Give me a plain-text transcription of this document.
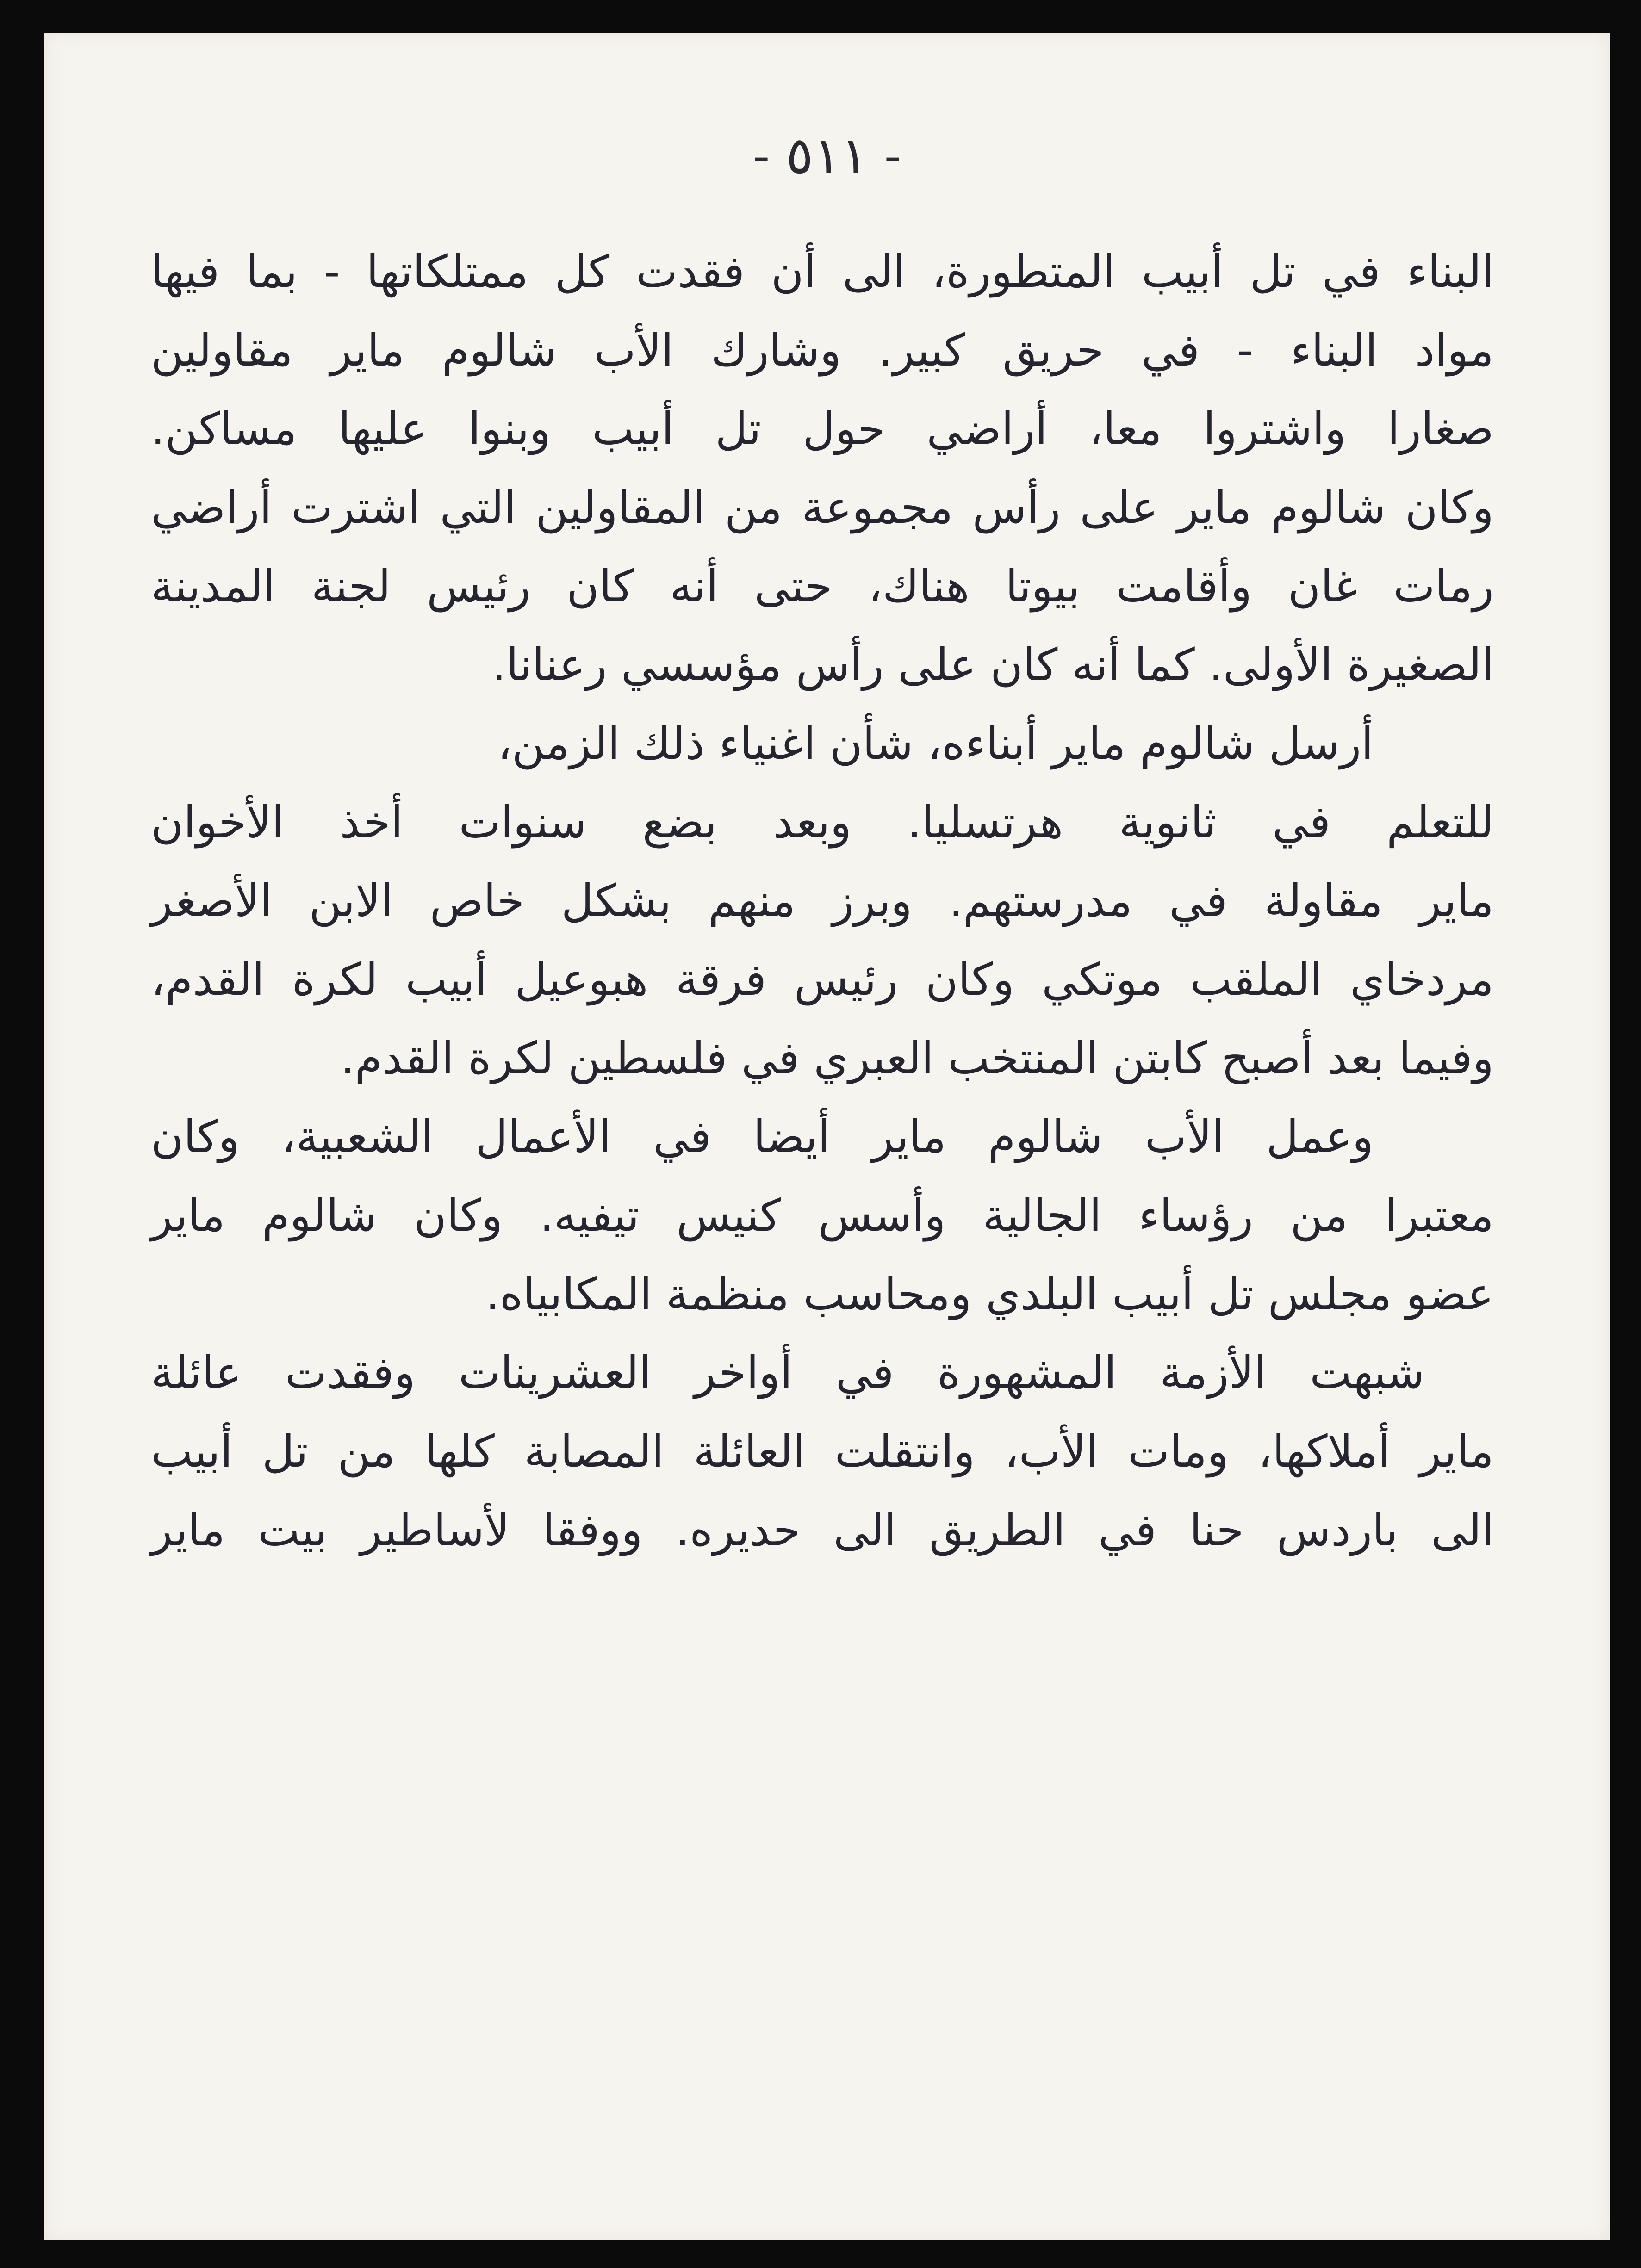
- ٥١١ -
البناء في تل أبيب المتطورة، الى أن فقدت كل ممتلكاتها - بما فيها
مواد البناء - في حريق كبير. وشارك الأب شالوم ماير مقاولين
صغارا واشتروا معا، أراضي حول تل أبيب وبنوا عليها مساكن.
وكان شالوم ماير على رأس مجموعة من المقاولين التي اشترت أراضي
رمات غان وأقامت بيوتا هناك، حتى أنه كان رئيس لجنة المدينة
الصغيرة الأولى. كما أنه كان على رأس مؤسسي رعنانا.
أرسل شالوم ماير أبناءه، شأن اغنياء ذلك الزمن،
للتعلم في ثانوية هرتسليا. وبعد بضع سنوات أخذ الأخوان
ماير مقاولة في مدرستهم. وبرز منهم بشكل خاص الابن الأصغر
مردخاي الملقب موتكي وكان رئيس فرقة هبوعيل أبيب لكرة القدم،
وفيما بعد أصبح كابتن المنتخب العبري في فلسطين لكرة القدم.
وعمل الأب شالوم ماير أيضا في الأعمال الشعبية، وكان
معتبرا من رؤساء الجالية وأسس كنيس تيفيه. وكان شالوم ماير
عضو مجلس تل أبيب البلدي ومحاسب منظمة المكابياه.
شبهت الأزمة المشهورة في أواخر العشرينات وفقدت عائلة
ماير أملاكها، ومات الأب، وانتقلت العائلة المصابة كلها من تل أبيب
الى باردس حنا في الطريق الى حديره. ووفقا لأساطير بيت ماير
